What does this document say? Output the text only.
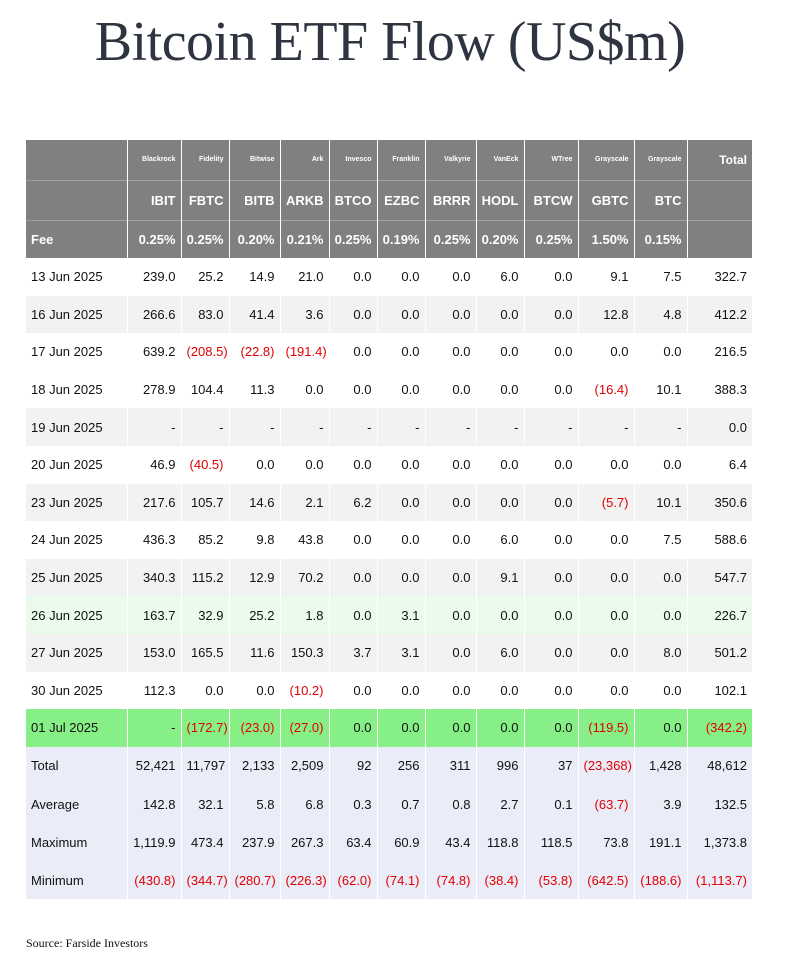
Bitcoin ETF Flow (US$m)
	Blackrock	Fidelity	Bitwise	Ark	Invesco	Franklin	Valkyrie	VanEck	WTree	Grayscale	Grayscale	Total
	IBIT	FBTC	BITB	ARKB	BTCO	EZBC	BRRR	HODL	BTCW	GBTC	BTC	
Fee	0.25%	0.25%	0.20%	0.21%	0.25%	0.19%	0.25%	0.20%	0.25%	1.50%	0.15%	
13 Jun 2025	239.0	25.2	14.9	21.0	0.0	0.0	0.0	6.0	0.0	9.1	7.5	322.7
16 Jun 2025	266.6	83.0	41.4	3.6	0.0	0.0	0.0	0.0	0.0	12.8	4.8	412.2
17 Jun 2025	639.2	(208.5)	(22.8)	(191.4)	0.0	0.0	0.0	0.0	0.0	0.0	0.0	216.5
18 Jun 2025	278.9	104.4	11.3	0.0	0.0	0.0	0.0	0.0	0.0	(16.4)	10.1	388.3
19 Jun 2025	-	-	-	-	-	-	-	-	-	-	-	0.0
20 Jun 2025	46.9	(40.5)	0.0	0.0	0.0	0.0	0.0	0.0	0.0	0.0	0.0	6.4
23 Jun 2025	217.6	105.7	14.6	2.1	6.2	0.0	0.0	0.0	0.0	(5.7)	10.1	350.6
24 Jun 2025	436.3	85.2	9.8	43.8	0.0	0.0	0.0	6.0	0.0	0.0	7.5	588.6
25 Jun 2025	340.3	115.2	12.9	70.2	0.0	0.0	0.0	9.1	0.0	0.0	0.0	547.7
26 Jun 2025	163.7	32.9	25.2	1.8	0.0	3.1	0.0	0.0	0.0	0.0	0.0	226.7
27 Jun 2025	153.0	165.5	11.6	150.3	3.7	3.1	0.0	6.0	0.0	0.0	8.0	501.2
30 Jun 2025	112.3	0.0	0.0	(10.2)	0.0	0.0	0.0	0.0	0.0	0.0	0.0	102.1
01 Jul 2025	-	(172.7)	(23.0)	(27.0)	0.0	0.0	0.0	0.0	0.0	(119.5)	0.0	(342.2)
Total	52,421	11,797	2,133	2,509	92	256	311	996	37	(23,368)	1,428	48,612
Average	142.8	32.1	5.8	6.8	0.3	0.7	0.8	2.7	0.1	(63.7)	3.9	132.5
Maximum	1,119.9	473.4	237.9	267.3	63.4	60.9	43.4	118.8	118.5	73.8	191.1	1,373.8
Minimum	(430.8)	(344.7)	(280.7)	(226.3)	(62.0)	(74.1)	(74.8)	(38.4)	(53.8)	(642.5)	(188.6)	(1,113.7)
Source: Farside Investors
